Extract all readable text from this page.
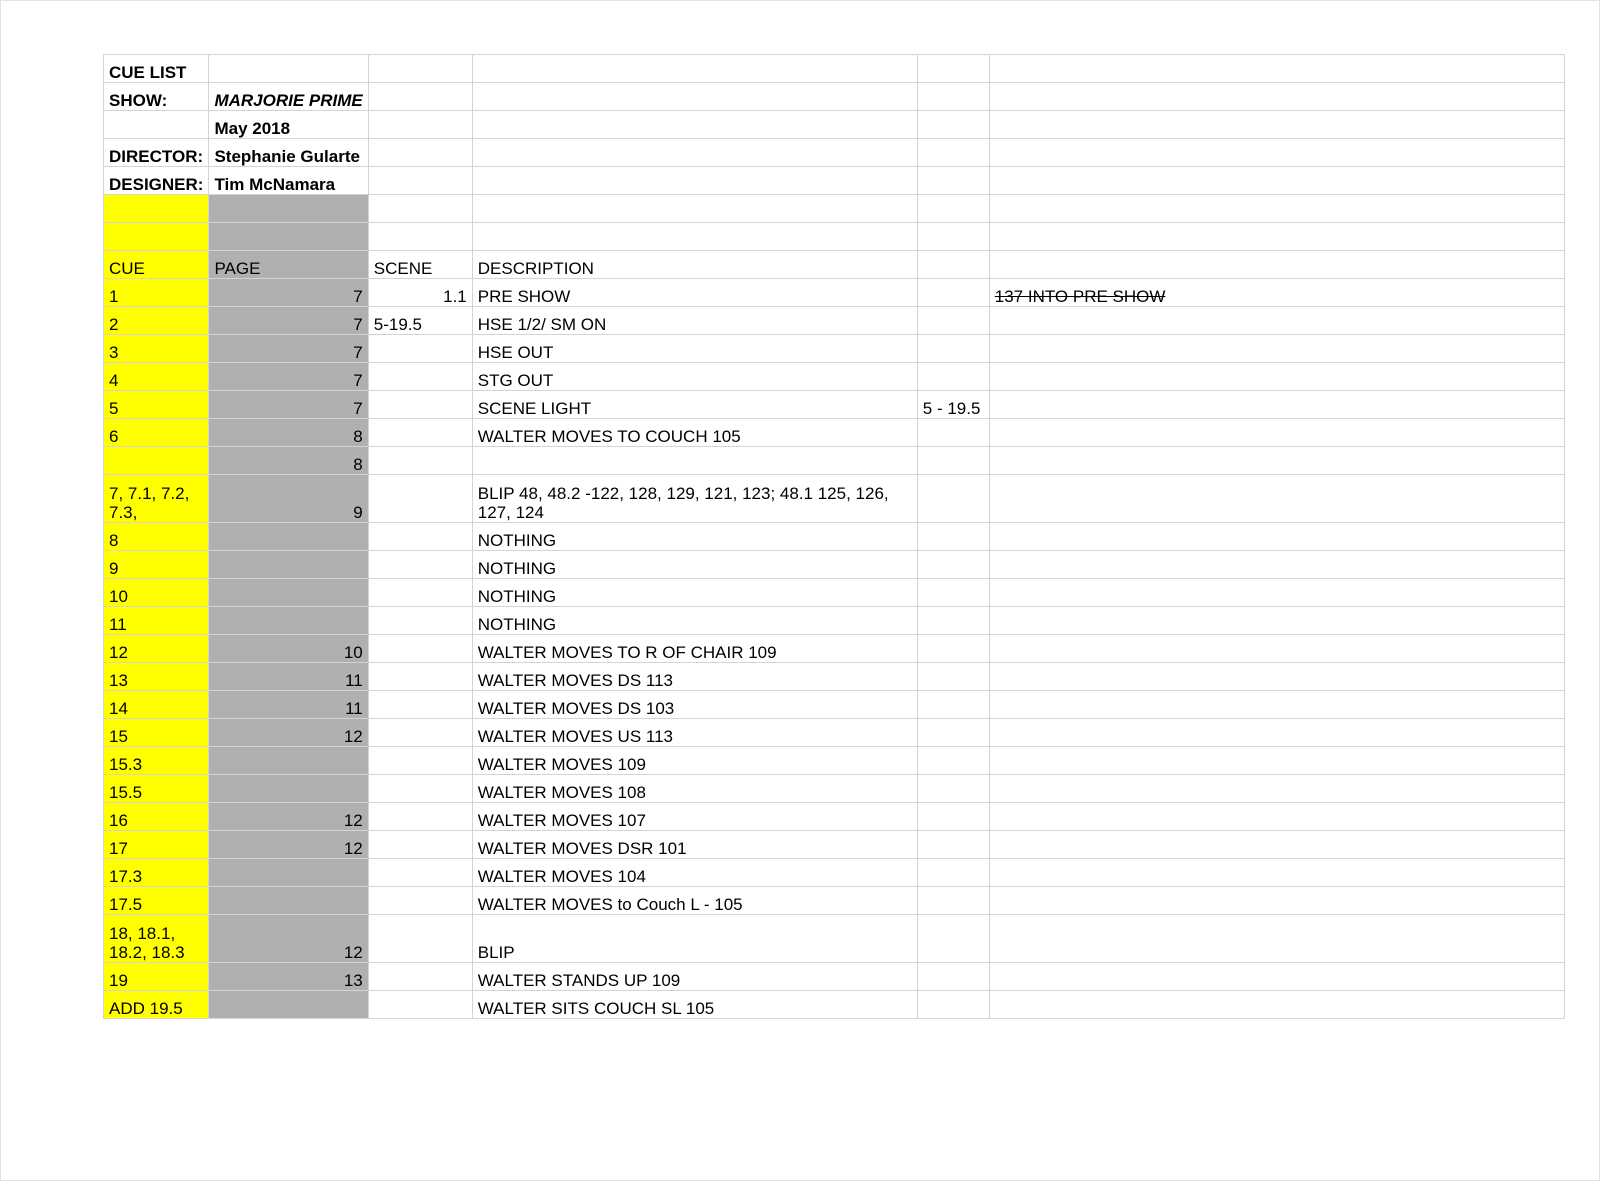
CUE LIST					
SHOW:	MARJORIE PRIME				
	May 2018				
DIRECTOR:	Stephanie Gularte				
DESIGNER:	Tim McNamara				

CUE	PAGE	SCENE	DESCRIPTION		
1	7	1.1	PRE SHOW		137 INTO PRE SHOW
2	7	5-19.5	HSE 1/2/ SM ON		
3	7		HSE OUT		
4	7		STG OUT		
5	7		SCENE LIGHT	5 - 19.5	
6	8		WALTER MOVES TO COUCH 105		
	8				
7, 7.1, 7.2, 7.3,	9		BLIP 48, 48.2 -122, 128, 129, 121, 123; 48.1 125, 126, 127, 124		
8			NOTHING		
9			NOTHING		
10			NOTHING		
11			NOTHING		
12	10		WALTER MOVES TO R OF CHAIR 109		
13	11		WALTER MOVES DS 113		
14	11		WALTER MOVES DS 103		
15	12		WALTER MOVES US 113		
15.3			WALTER MOVES 109		
15.5			WALTER MOVES 108		
16	12		WALTER MOVES 107		
17	12		WALTER MOVES DSR 101		
17.3			WALTER MOVES 104		
17.5			WALTER MOVES to Couch L - 105		
18, 18.1, 18.2, 18.3	12		BLIP		
19	13		WALTER STANDS UP 109		
ADD 19.5			WALTER SITS COUCH SL 105		
